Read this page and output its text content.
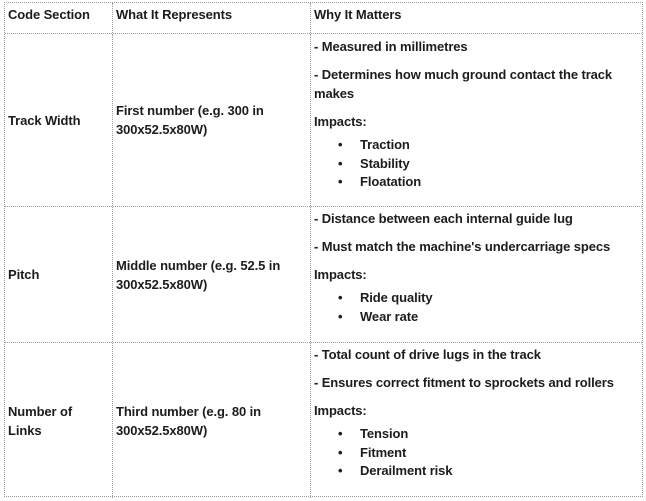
Code Section What It Represents	Why It Matters
Track Width
First number (e.g. 300 in 300x52.5x80W)

- Measured in millimetres

- Determines how much ground contact the track makes

Impacts:

• Traction
• Stability
• Floatation
Pitch
Middle number (e.g. 52.5 in 300x52.5x80W)

- Distance between each internal guide lug

- Must match the machine's undercarriage specs

Impacts:

• Ride quality
• Wear rate
Number of Links
Third number (e.g. 80 in 300x52.5x80W)

- Total count of drive lugs in the track

- Ensures correct fitment to sprockets and rollers

Impacts:

• Tension
• Fitment
• Derailment risk
